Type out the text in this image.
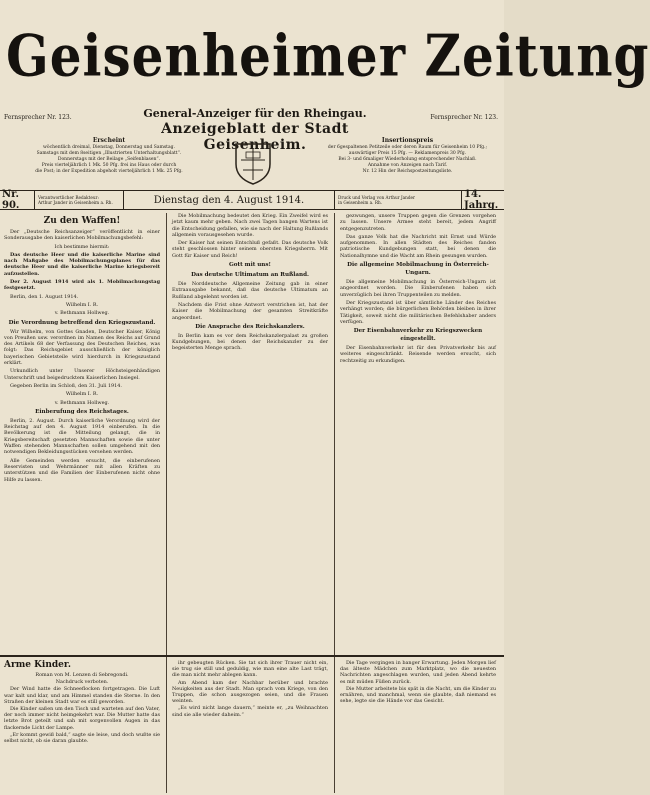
Geisenheimer Zeitung
Fernsprecher Nr. 123.	Fernsprecher Nr. 123.
General-Anzeiger für den Rheingau.
Anzeigeblatt der Stadt Geisenheim.
Erscheint
wöchentlich dreimal, Dienstag, Donnerstag und Samstag.
Samstags mit dem 8seitigen „Illustrierten Unterhaltungsblatt“.
Donnerstags mit der Beilage „Seifenblasen“.
Preis vierteljährlich 1 Mk. 50 Pfg. frei ins Haus oder durch
die Post; in der Expedition abgeholt vierteljährlich 1 Mk. 25 Pfg.
Insertionspreis
der 6gespaltenen Petitzeile oder deren Raum für Geisenheim 10 Pfg.;
auswärtiger Preis 15 Pfg. — Reklamenpreis 30 Pfg.
Bei 3- und 6maliger Wiederholung entsprechender Nachlaß.
Annahme von Anzeigen nach Tarif.
Nr. 12 Hin der Reichspostzeitungsliste.
Nr. 90.
Verantwortlicher Redakteur:
Arthur Jander in Geisenheim a. Rh.	Dienstag den 4. August 1914.	Druck und Verlag von Arthur Jander
in Geisenheim a. Rh.
14. Jahrg.

Zu den Waffen!

Der „Deutsche Reichsanzeiger“ veröffentlicht in einer Sonderausgabe den kaiserlichen Mobilmachungsbefehl:

Ich bestimme hiermit:

Das deutsche Heer und die kaiserliche Marine sind nach Maßgabe des Mobilmachungsplanes für das deutsche Heer und die kaiserliche Marine kriegsbereit aufzustellen.

Der 2. August 1914 wird als 1. Mobilmachungstag festgesetzt.

Berlin, den 1. August 1914.

Wilhelm I. R.

v. Bethmann Hollweg.

Die Verordnung betreffend den Kriegszustand.

Wir Wilhelm, von Gottes Gnaden, Deutscher Kaiser, König von Preußen usw. verordnen im Namen des Reichs auf Grund des Artikels 68 der Verfassung des Deutschen Reiches, was folgt: Das Reichsgebiet ausschließlich der königlich bayerischen Gebietsteile wird hierdurch in Kriegszustand erklärt.

Urkundlich unter Unserer Höchsteigenhändigen Unterschrift und beigedrucktem Kaiserlichen Insiegel.

Gegeben Berlin im Schloß, den 31. Juli 1914.

Wilhelm I. R.

v. Bethmann Hollweg.

Einberufung des Reichstages.

Berlin, 2. August. Durch kaiserliche Verordnung wird der Reichstag auf den 4. August 1914 einberufen. In die Bevölkerung ist die Mitteilung gelangt, die in Kriegsbereitschaft gesetzten Mannschaften sowie die unter Waffen stehenden Mannschaften sollen umgehend mit den notwendigen Bekleidungsstücken versehen werden.

Alle Gemeinden werden ersucht, die einberufenen Reservisten und Wehrmänner mit allen Kräften zu unterstützen und die Familien der Einberufenen nicht ohne Hilfe zu lassen.

Die Mobilmachung bedeutet den Krieg. Ein Zweifel wird es jetzt kaum mehr geben. Nach zwei Tagen bangen Wartens ist die Entscheidung gefallen, wie sie nach der Haltung Rußlands allgemein vorausgesehen wurde.

Der Kaiser hat seinen Entschluß gefaßt. Das deutsche Volk steht geschlossen hinter seinem obersten Kriegsherrn. Mit Gott für Kaiser und Reich!

Gott mit uns!

Das deutsche Ultimatum an Rußland.

Die Norddeutsche Allgemeine Zeitung gab in einer Extraausgabe bekannt, daß das deutsche Ultimatum an Rußland abgelehnt worden ist.

Nachdem die Frist ohne Antwort verstrichen ist, hat der Kaiser die Mobilmachung der gesamten Streitkräfte angeordnet.

Die Ansprache des Reichskanzlers.

In Berlin kam es vor dem Reichskanzlerpalast zu großen Kundgebungen, bei denen der Reichskanzler zu der begeisterten Menge sprach.

gezwungen, unsere Truppen gegen die Grenzen vorgehen zu lassen. Unsere Armee steht bereit, jedem Angriff entgegenzutreten.

Das ganze Volk hat die Nachricht mit Ernst und Würde aufgenommen. In allen Städten des Reiches fanden patriotische Kundgebungen statt, bei denen die Nationalhymne und die Wacht am Rhein gesungen wurden.

Die allgemeine Mobilmachung in Österreich-Ungarn.

Die allgemeine Mobilmachung in Österreich-Ungarn ist angeordnet worden. Die Einberufenen haben sich unverzüglich bei ihren Truppenteilen zu melden.

Der Kriegszustand ist über sämtliche Länder des Reiches verhängt worden; die bürgerlichen Behörden bleiben in ihrer Tätigkeit, soweit nicht die militärischen Befehlshaber anders verfügen.

Der Eisenbahnverkehr zu Kriegszwecken eingestellt.

Der Eisenbahnverkehr ist für den Privatverkehr bis auf weiteres eingeschränkt. Reisende werden ersucht, sich rechtzeitig zu erkundigen.

Arme Kinder.

Roman von M. Lenzen di Sebregondi.

Nachdruck verboten.

Der Wind hatte die Schneeflocken fortgetragen. Die Luft war kalt und klar, und am Himmel standen die Sterne. In den Straßen der kleinen Stadt war es still geworden.

Die Kinder saßen um den Tisch und warteten auf den Vater, der noch immer nicht heimgekehrt war. Die Mutter hatte das letzte Brot geteilt und sah mit sorgenvollen Augen in das flackernde Licht der Lampe.

„Er kommt gewiß bald,“ sagte sie leise, und doch wußte sie selbst nicht, ob sie daran glaubte.

ihr gebeugten Rücken. Sie tat sich ihrer Trauer nicht ein, sie trug sie still und geduldig, wie man eine alte Last trägt, die man nicht mehr ablegen kann.

Am Abend kam der Nachbar herüber und brachte Neuigkeiten aus der Stadt. Man sprach vom Kriege, von den Truppen, die schon ausgezogen seien, und die Frauen weinten.

„Es wird nicht lange dauern,“ meinte er, „zu Weihnachten sind sie alle wieder daheim.“

Die Tage vergingen in banger Erwartung. Jeden Morgen lief das älteste Mädchen zum Marktplatz, wo die neuesten Nachrichten angeschlagen wurden, und jeden Abend kehrte es mit müden Füßen zurück.

Die Mutter arbeitete bis spät in die Nacht, um die Kinder zu ernähren, und manchmal, wenn sie glaubte, daß niemand es sehe, legte sie die Hände vor das Gesicht.
